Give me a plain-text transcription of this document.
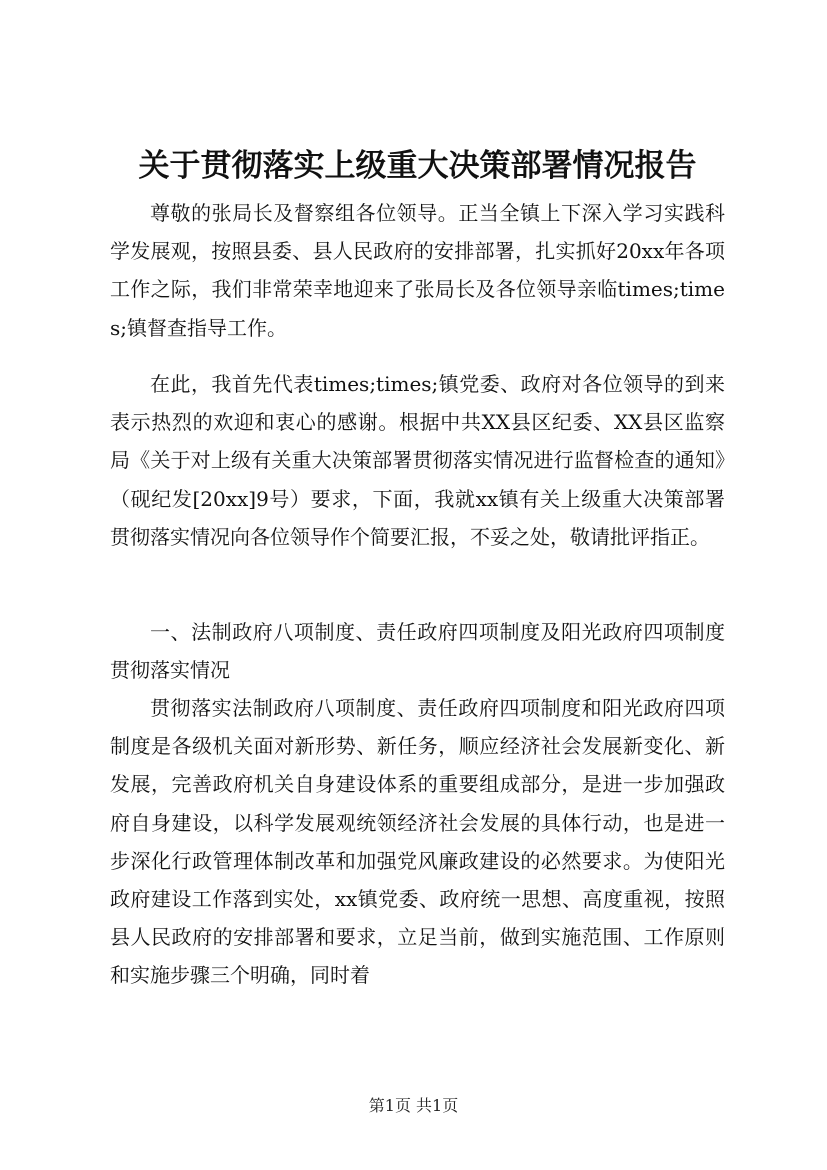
关于贯彻落实上级重大决策部署情况报告
尊敬的张局长及督察组各位领导。正当全镇上下深入学习实践科学发展观，按照县委、县人民政府的安排部署，扎实抓好20xx年各项工作之际，我们非常荣幸地迎来了张局长及各位领导亲临times;times;镇督查指导工作。
在此，我首先代表times;times;镇党委、政府对各位领导的到来表示热烈的欢迎和衷心的感谢。根据中共XX县区纪委、XX县区监察局《关于对上级有关重大决策部署贯彻落实情况进行监督检查的通知》（砚纪发[20xx]9号）要求，下面，我就xx镇有关上级重大决策部署贯彻落实情况向各位领导作个简要汇报，不妥之处，敬请批评指正。
一、法制政府八项制度、责任政府四项制度及阳光政府四项制度贯彻落实情况
贯彻落实法制政府八项制度、责任政府四项制度和阳光政府四项制度是各级机关面对新形势、新任务，顺应经济社会发展新变化、新发展，完善政府机关自身建设体系的重要组成部分，是进一步加强政府自身建设，以科学发展观统领经济社会发展的具体行动，也是进一步深化行政管理体制改革和加强党风廉政建设的必然要求。为使阳光政府建设工作落到实处，xx镇党委、政府统一思想、高度重视，按照县人民政府的安排部署和要求，立足当前，做到实施范围、工作原则和实施步骤三个明确，同时着
第1页 共1页
